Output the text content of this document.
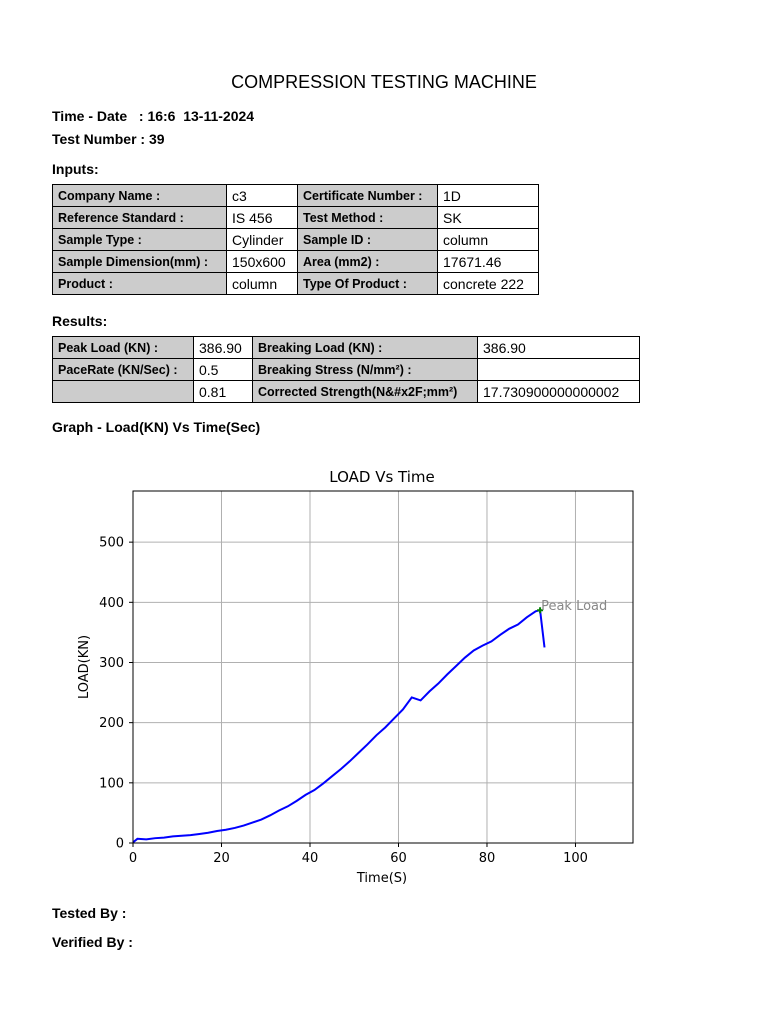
COMPRESSION TESTING MACHINE
Time - Date   : 16:6  13-11-2024
Test Number : 39
Inputs:
Company Name :	c3	Certificate Number :	1D
Reference Standard :	IS 456	Test Method :	SK
Sample Type :	Cylinder	Sample ID :	column
Sample Dimension(mm) :	150x600	Area (mm2) :	17671.46
Product :	column	Type Of Product :	concrete 222
Results:
Peak Load (KN) :	386.90	Breaking Load (KN) :	386.90
PaceRate (KN/Sec) :	0.5	Breaking Stress (N/mm²) :	
	0.81	Corrected Strength(N&#x2F;mm²)	17.730900000000002
Graph - Load(KN) Vs Time(Sec)
LOAD Vs Time
0	20	40	60	80	100
0
100
200
300
400
500
Peak Load
Time(S)
LOAD(KN)
Tested By :
Verified By :
